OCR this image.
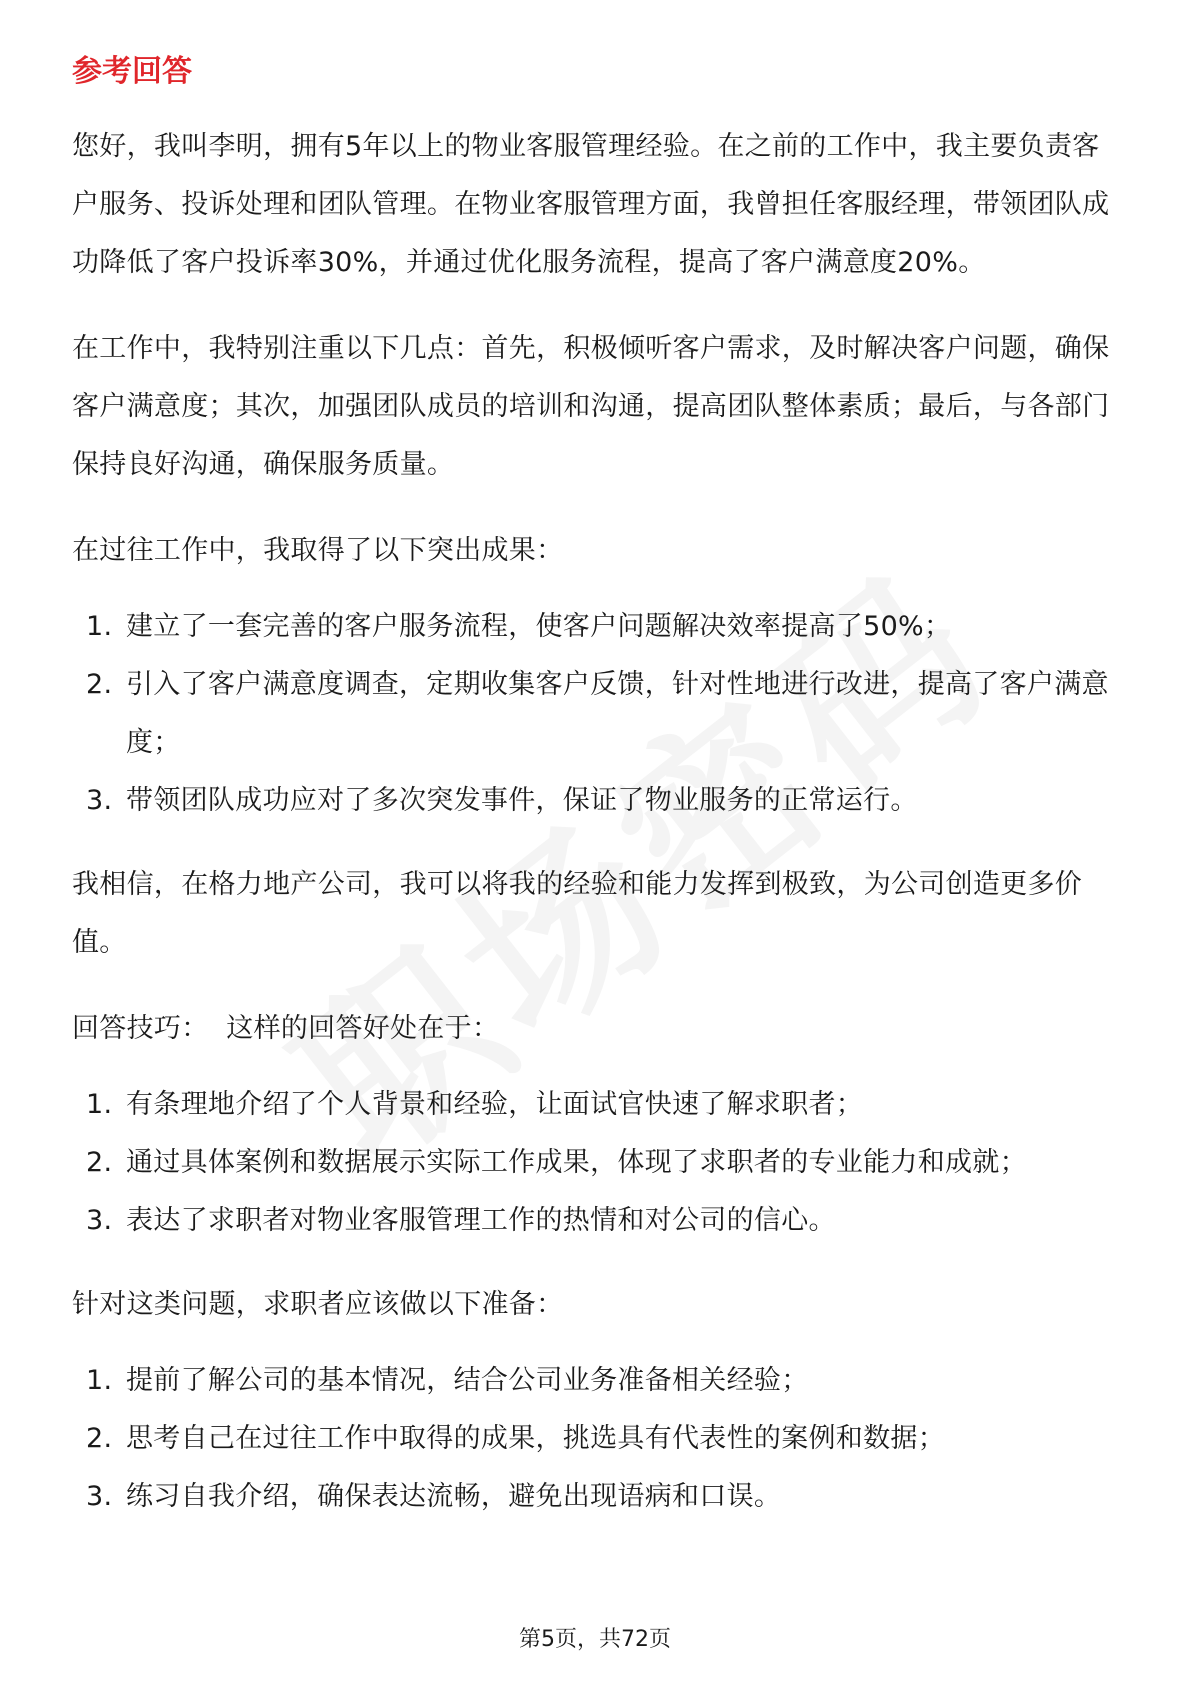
参考回答

您好，我叫李明，拥有5年以上的物业客服管理经验。在之前的工作中，我主要负责客户服务、投诉处理和团队管理。在物业客服管理方面，我曾担任客服经理，带领团队成功降低了客户投诉率30%，并通过优化服务流程，提高了客户满意度20%。

在工作中，我特别注重以下几点：首先，积极倾听客户需求，及时解决客户问题，确保客户满意度；其次，加强团队成员的培训和沟通，提高团队整体素质；最后，与各部门保持良好沟通，确保服务质量。

在过往工作中，我取得了以下突出成果：

1. 建立了一套完善的客户服务流程，使客户问题解决效率提高了50%；
2. 引入了客户满意度调查，定期收集客户反馈，针对性地进行改进，提高了客户满意度；
3. 带领团队成功应对了多次突发事件，保证了物业服务的正常运行。

我相信，在格力地产公司，我可以将我的经验和能力发挥到极致，为公司创造更多价值。

回答技巧：  这样的回答好处在于：

1. 有条理地介绍了个人背景和经验，让面试官快速了解求职者；
2. 通过具体案例和数据展示实际工作成果，体现了求职者的专业能力和成就；
3. 表达了求职者对物业客服管理工作的热情和对公司的信心。

针对这类问题，求职者应该做以下准备：

1. 提前了解公司的基本情况，结合公司业务准备相关经验；
2. 思考自己在过往工作中取得的成果，挑选具有代表性的案例和数据；
3. 练习自我介绍，确保表达流畅，避免出现语病和口误。
第5页，共72页
